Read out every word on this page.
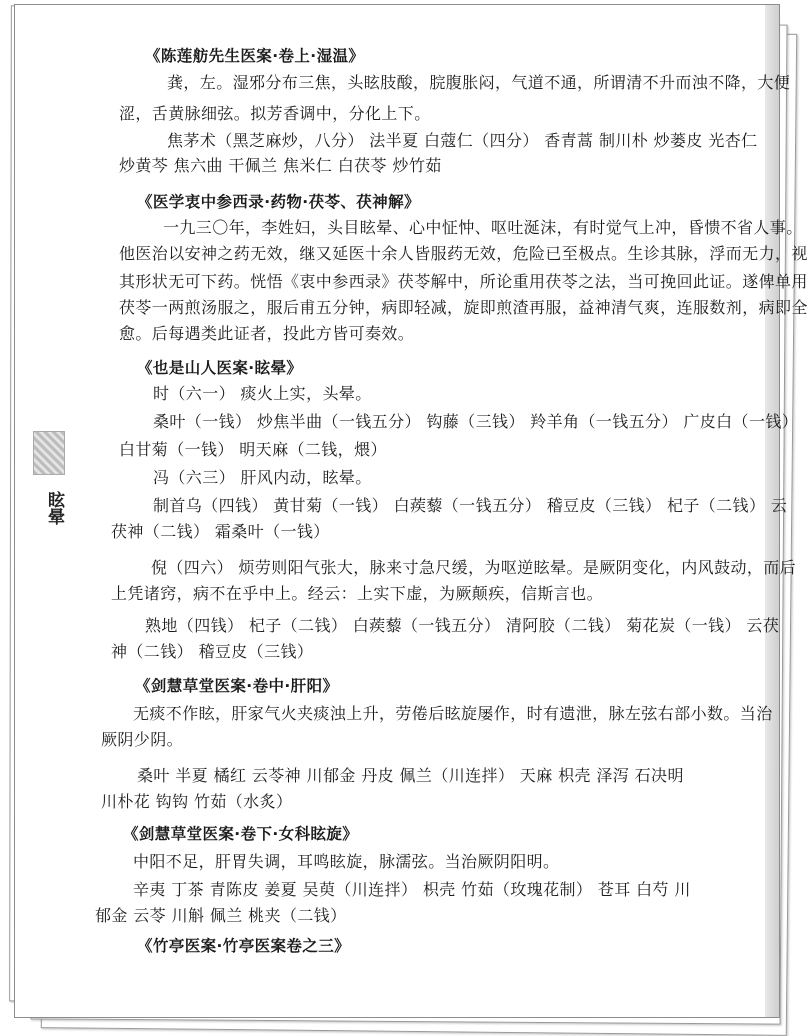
眩晕
《陈莲舫先生医案·卷上·湿温》
龚，左。湿邪分布三焦，头眩肢酸，脘腹胀闷，气道不通，所谓清不升而浊不降，大便
涩，舌黄脉细弦。拟芳香调中，分化上下。
焦茅术（黑芝麻炒，八分） 法半夏 白蔻仁（四分） 香青蒿 制川朴 炒蒌皮 光杏仁
炒黄芩 焦六曲 干佩兰 焦米仁 白茯苓 炒竹茹
《医学衷中参西录·药物·茯苓、茯神解》
一九三〇年，李姓妇，头目眩晕、心中怔忡、呕吐涎沫，有时觉气上冲，昏愦不省人事。
他医治以安神之药无效，继又延医十余人皆服药无效，危险已至极点。生诊其脉，浮而无力，视
其形状无可下药。恍悟《衷中参西录》茯苓解中，所论重用茯苓之法，当可挽回此证。遂俾单用
茯苓一两煎汤服之，服后甫五分钟，病即轻减，旋即煎渣再服，益神清气爽，连服数剂，病即全
愈。后每遇类此证者，投此方皆可奏效。
《也是山人医案·眩晕》
时（六一） 痰火上实，头晕。
桑叶（一钱） 炒焦半曲（一钱五分） 钩藤（三钱） 羚羊角（一钱五分） 广皮白（一钱）
白甘菊（一钱） 明天麻（二钱，煨）
冯（六三） 肝风内动，眩晕。
制首乌（四钱） 黄甘菊（一钱） 白蒺藜（一钱五分） 稽豆皮（三钱） 杞子（二钱） 云
茯神（二钱） 霜桑叶（一钱）
倪（四六） 烦劳则阳气张大，脉来寸急尺缓，为呕逆眩晕。是厥阴变化，内风鼓动，而后
上凭诸窍，病不在乎中上。经云：上实下虚，为厥颠疾，信斯言也。
熟地（四钱） 杞子（二钱） 白蒺藜（一钱五分） 清阿胶（二钱） 菊花炭（一钱） 云茯
神（二钱） 稽豆皮（三钱）
《剑慧草堂医案·卷中·肝阳》
无痰不作眩，肝家气火夹痰浊上升，劳倦后眩旋屡作，时有遗泄，脉左弦右部小数。当治
厥阴少阴。
桑叶 半夏 橘红 云苓神 川郁金 丹皮 佩兰（川连拌） 天麻 枳壳 泽泻 石决明
川朴花 钩钩 竹茹（水炙）
《剑慧草堂医案·卷下·女科眩旋》
中阳不足，肝胃失调，耳鸣眩旋，脉濡弦。当治厥阴阳明。
辛夷 丁茶 青陈皮 姜夏 吴萸（川连拌） 枳壳 竹茹（玫瑰花制） 苍耳 白芍 川
郁金 云苓 川斛 佩兰 桃夹（二钱）
《竹亭医案·竹亭医案卷之三》
